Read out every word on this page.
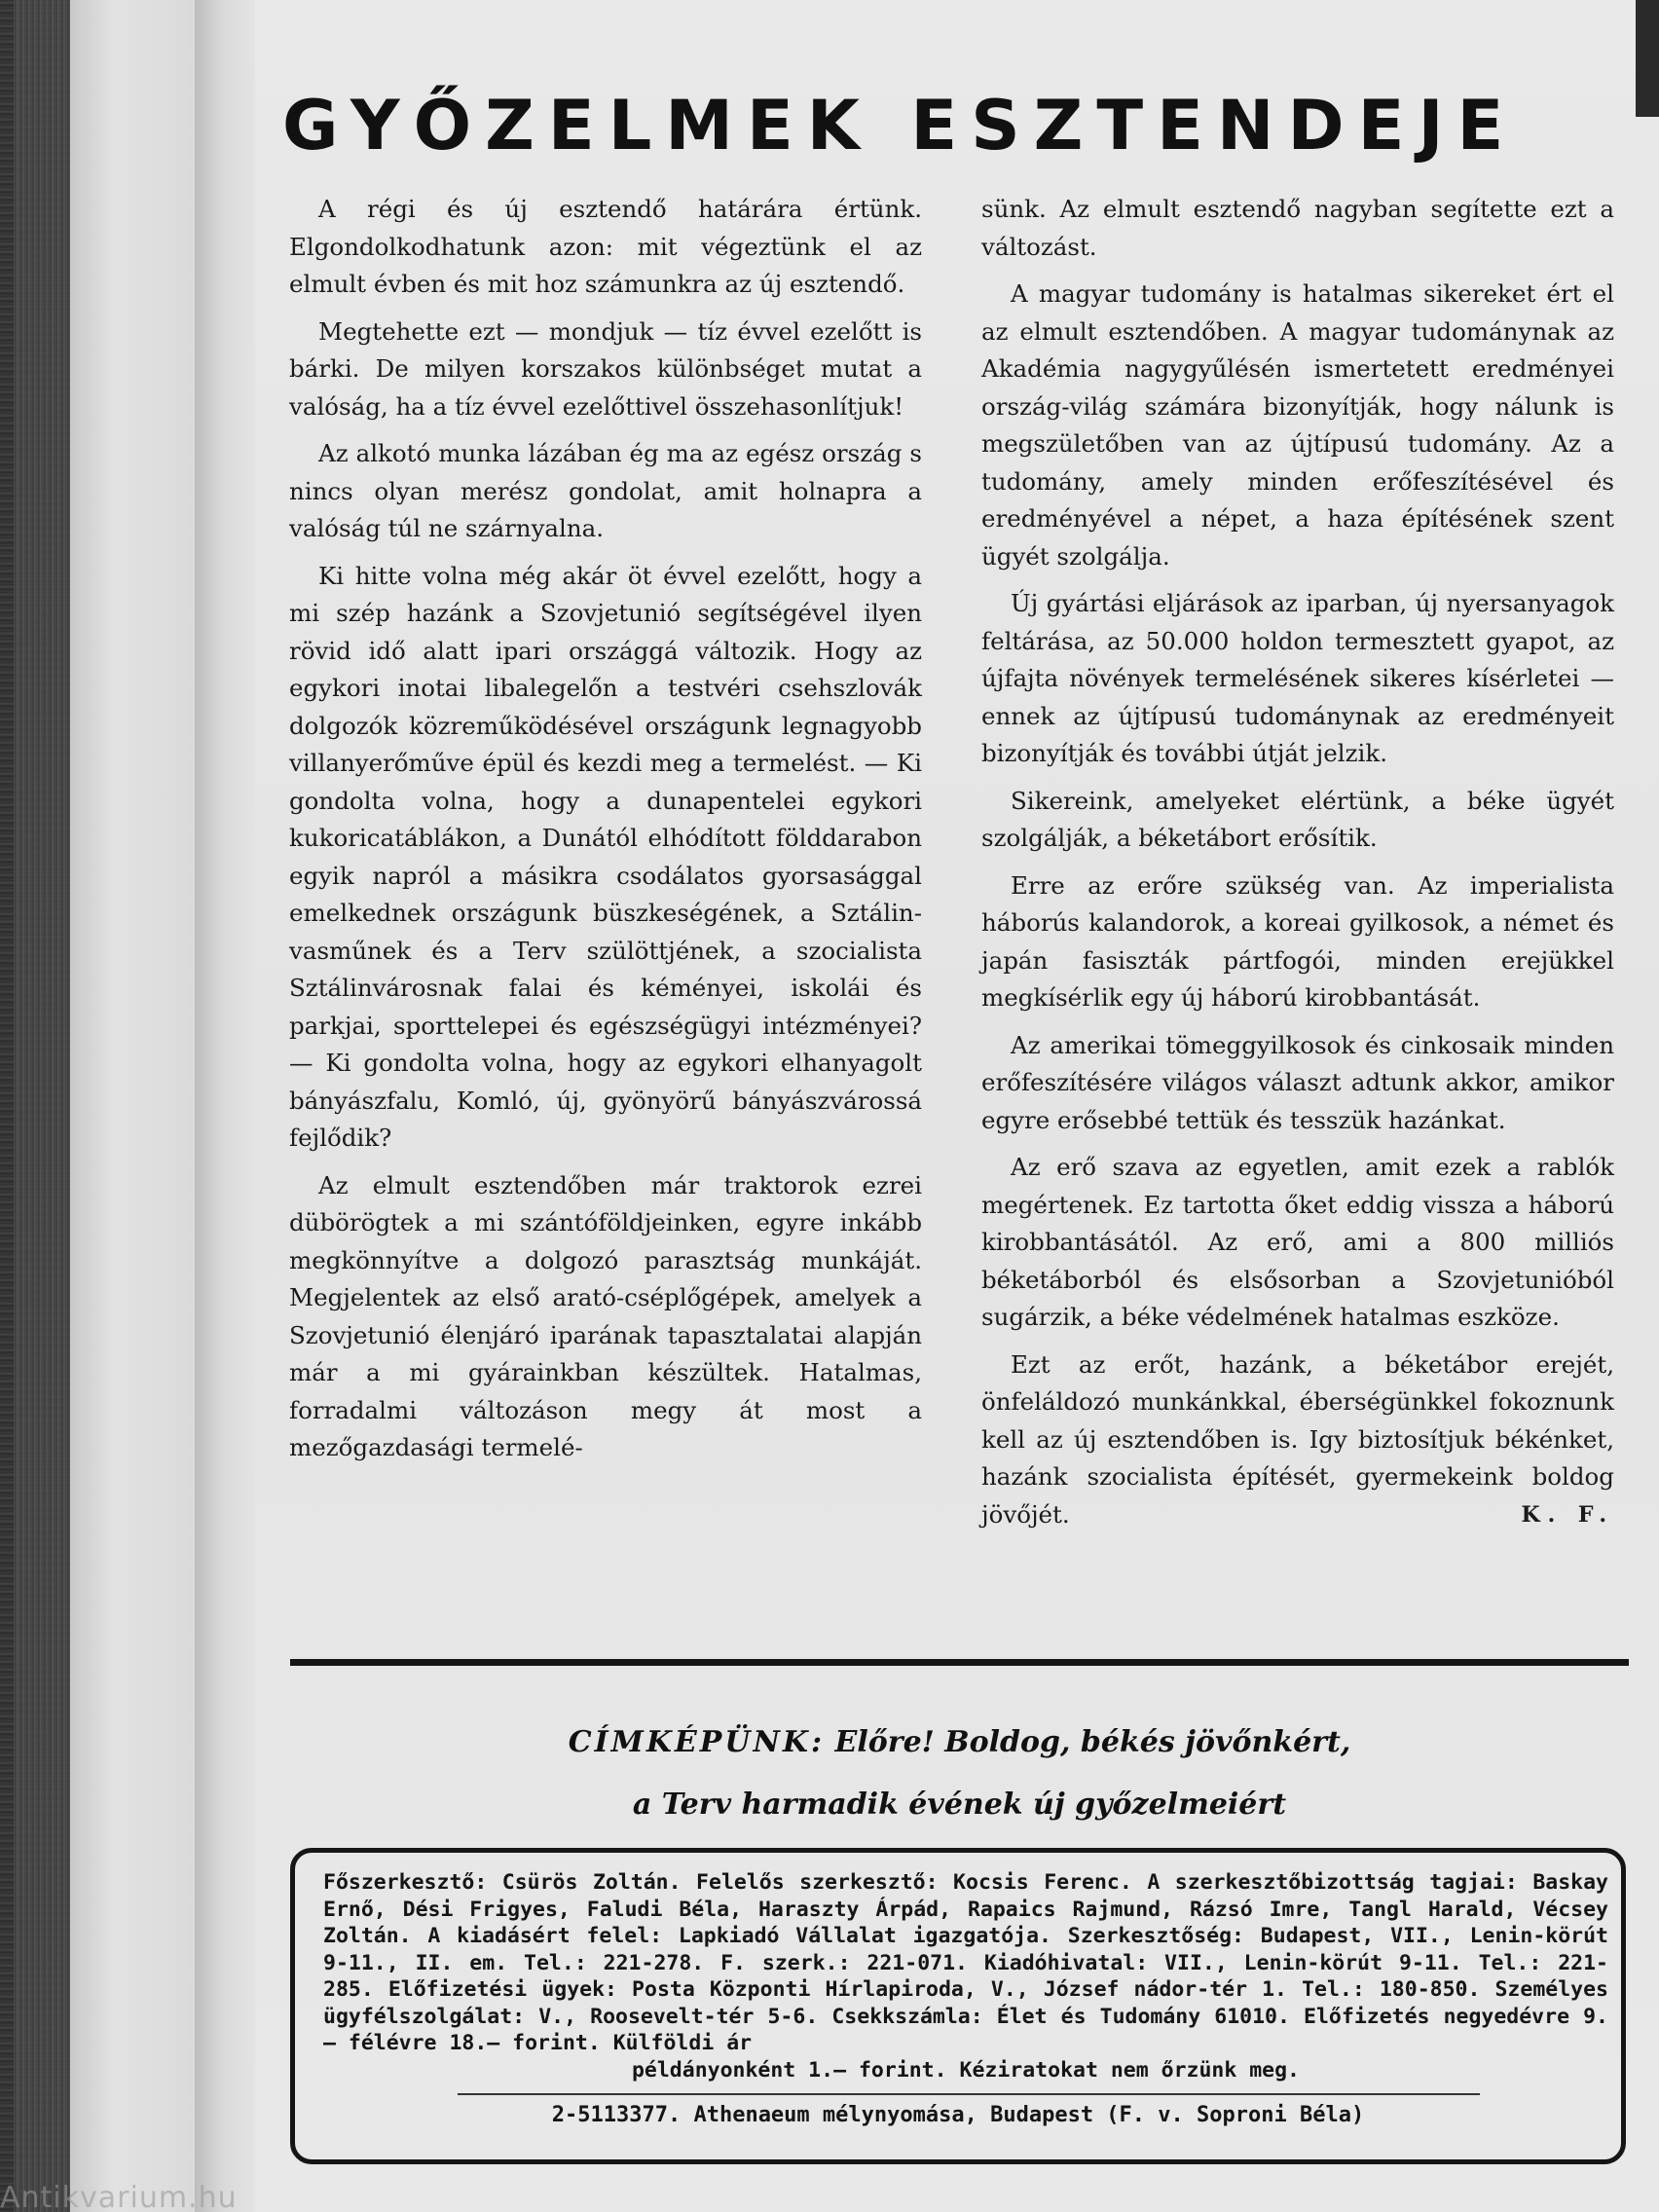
GYŐZELMEK ESZTENDEJE

A régi és új esztendő határára értünk. Elgondolkodhatunk azon: mit végeztünk el az elmult évben és mit hoz számunkra az új esztendő.

Megtehette ezt — mondjuk — tíz évvel ezelőtt is bárki. De milyen korszakos különbséget mutat a valóság, ha a tíz évvel ezelőttivel összehasonlítjuk!

Az alkotó munka lázában ég ma az egész ország s nincs olyan merész gondolat, amit holnapra a valóság túl ne szárnyalna.

Ki hitte volna még akár öt évvel ezelőtt, hogy a mi szép hazánk a Szovjetunió segítségével ilyen rövid idő alatt ipari országgá változik. Hogy az egykori inotai libalegelőn a testvéri csehszlovák dolgozók közreműködésével országunk legnagyobb villanyerőműve épül és kezdi meg a termelést. — Ki gondolta volna, hogy a dunapentelei egykori kukoricatáblákon, a Dunától elhódított földdarabon egyik napról a másikra csodálatos gyorsasággal emelkednek országunk büszkeségének, a Sztálin-vasműnek és a Terv szülöttjének, a szocialista Sztálinvárosnak falai és kéményei, iskolái és parkjai, sporttelepei és egészségügyi intézményei? — Ki gondolta volna, hogy az egykori elhanyagolt bányászfalu, Komló, új, gyönyörű bányászvárossá fejlődik?

Az elmult esztendőben már traktorok ezrei dübörögtek a mi szántóföldjeinken, egyre inkább megkönnyítve a dolgozó parasztság munkáját. Megjelentek az első arató-cséplőgépek, amelyek a Szovjetunió élenjáró iparának tapasztalatai alapján már a mi gyárainkban készültek. Hatalmas, forradalmi változáson megy át most a mezőgazdasági termelé-

sünk. Az elmult esztendő nagyban segítette ezt a változást.

A magyar tudomány is hatalmas sikereket ért el az elmult esztendőben. A magyar tudománynak az Akadémia nagygyűlésén ismertetett eredményei ország-világ számára bizonyítják, hogy nálunk is megszületőben van az újtípusú tudomány. Az a tudomány, amely minden erőfeszítésével és eredményével a népet, a haza építésének szent ügyét szolgálja.

Új gyártási eljárások az iparban, új nyersanyagok feltárása, az 50.000 holdon termesztett gyapot, az újfajta növények termelésének sikeres kísérletei — ennek az újtípusú tudománynak az eredményeit bizonyítják és további útját jelzik.

Sikereink, amelyeket elértünk, a béke ügyét szolgálják, a béketábort erősítik.

Erre az erőre szükség van. Az imperialista háborús kalandorok, a koreai gyilkosok, a német és japán fasiszták pártfogói, minden erejükkel megkísérlik egy új háború kirobbantását.

Az amerikai tömeggyilkosok és cinkosaik minden erőfeszítésére világos választ adtunk akkor, amikor egyre erősebbé tettük és tesszük hazánkat.

Az erő szava az egyetlen, amit ezek a rablók megértenek. Ez tartotta őket eddig vissza a háború kirobbantásától. Az erő, ami a 800 milliós béketáborból és elsősorban a Szovjetunióból sugárzik, a béke védelmének hatalmas eszköze.

Ezt az erőt, hazánk, a béketábor erejét, önfeláldozó munkánkkal, éberségünkkel fokoznunk kell az új esztendőben is. Igy biztosítjuk békénket, hazánk szocialista építését, gyermekeink boldog jövőjét.	K. F.
CÍMKÉPÜNK: Előre! Boldog, békés jövőnkért,
a Terv harmadik évének új győzelmeiért
Főszerkesztő: Csürös Zoltán. Felelős szerkesztő: Kocsis Ferenc. A szerkesztőbizottság tagjai: Baskay Ernő, Dési Frigyes, Faludi Béla, Haraszty Árpád, Rapaics Rajmund, Rázsó Imre, Tangl Harald, Vécsey Zoltán. A kiadásért felel: Lapkiadó Vállalat igazgatója. Szerkesztőség: Budapest, VII., Lenin-körút 9-11., II. em. Tel.: 221-278. F. szerk.: 221-071. Kiadóhivatal: VII., Lenin-körút 9-11. Tel.: 221-285. Előfizetési ügyek: Posta Központi Hírlapiroda, V., József nádor-tér 1. Tel.: 180-850. Személyes ügyfélszolgálat: V., Roosevelt-tér 5-6. Csekkszámla: Élet és Tudomány 61010. Előfizetés negyedévre 9.— félévre 18.— forint. Külföldi ár
példányonként 1.— forint. Kéziratokat nem őrzünk meg.
2-5113377. Athenaeum mélynyomása, Budapest (F. v. Soproni Béla)
Antikvarium.hu
